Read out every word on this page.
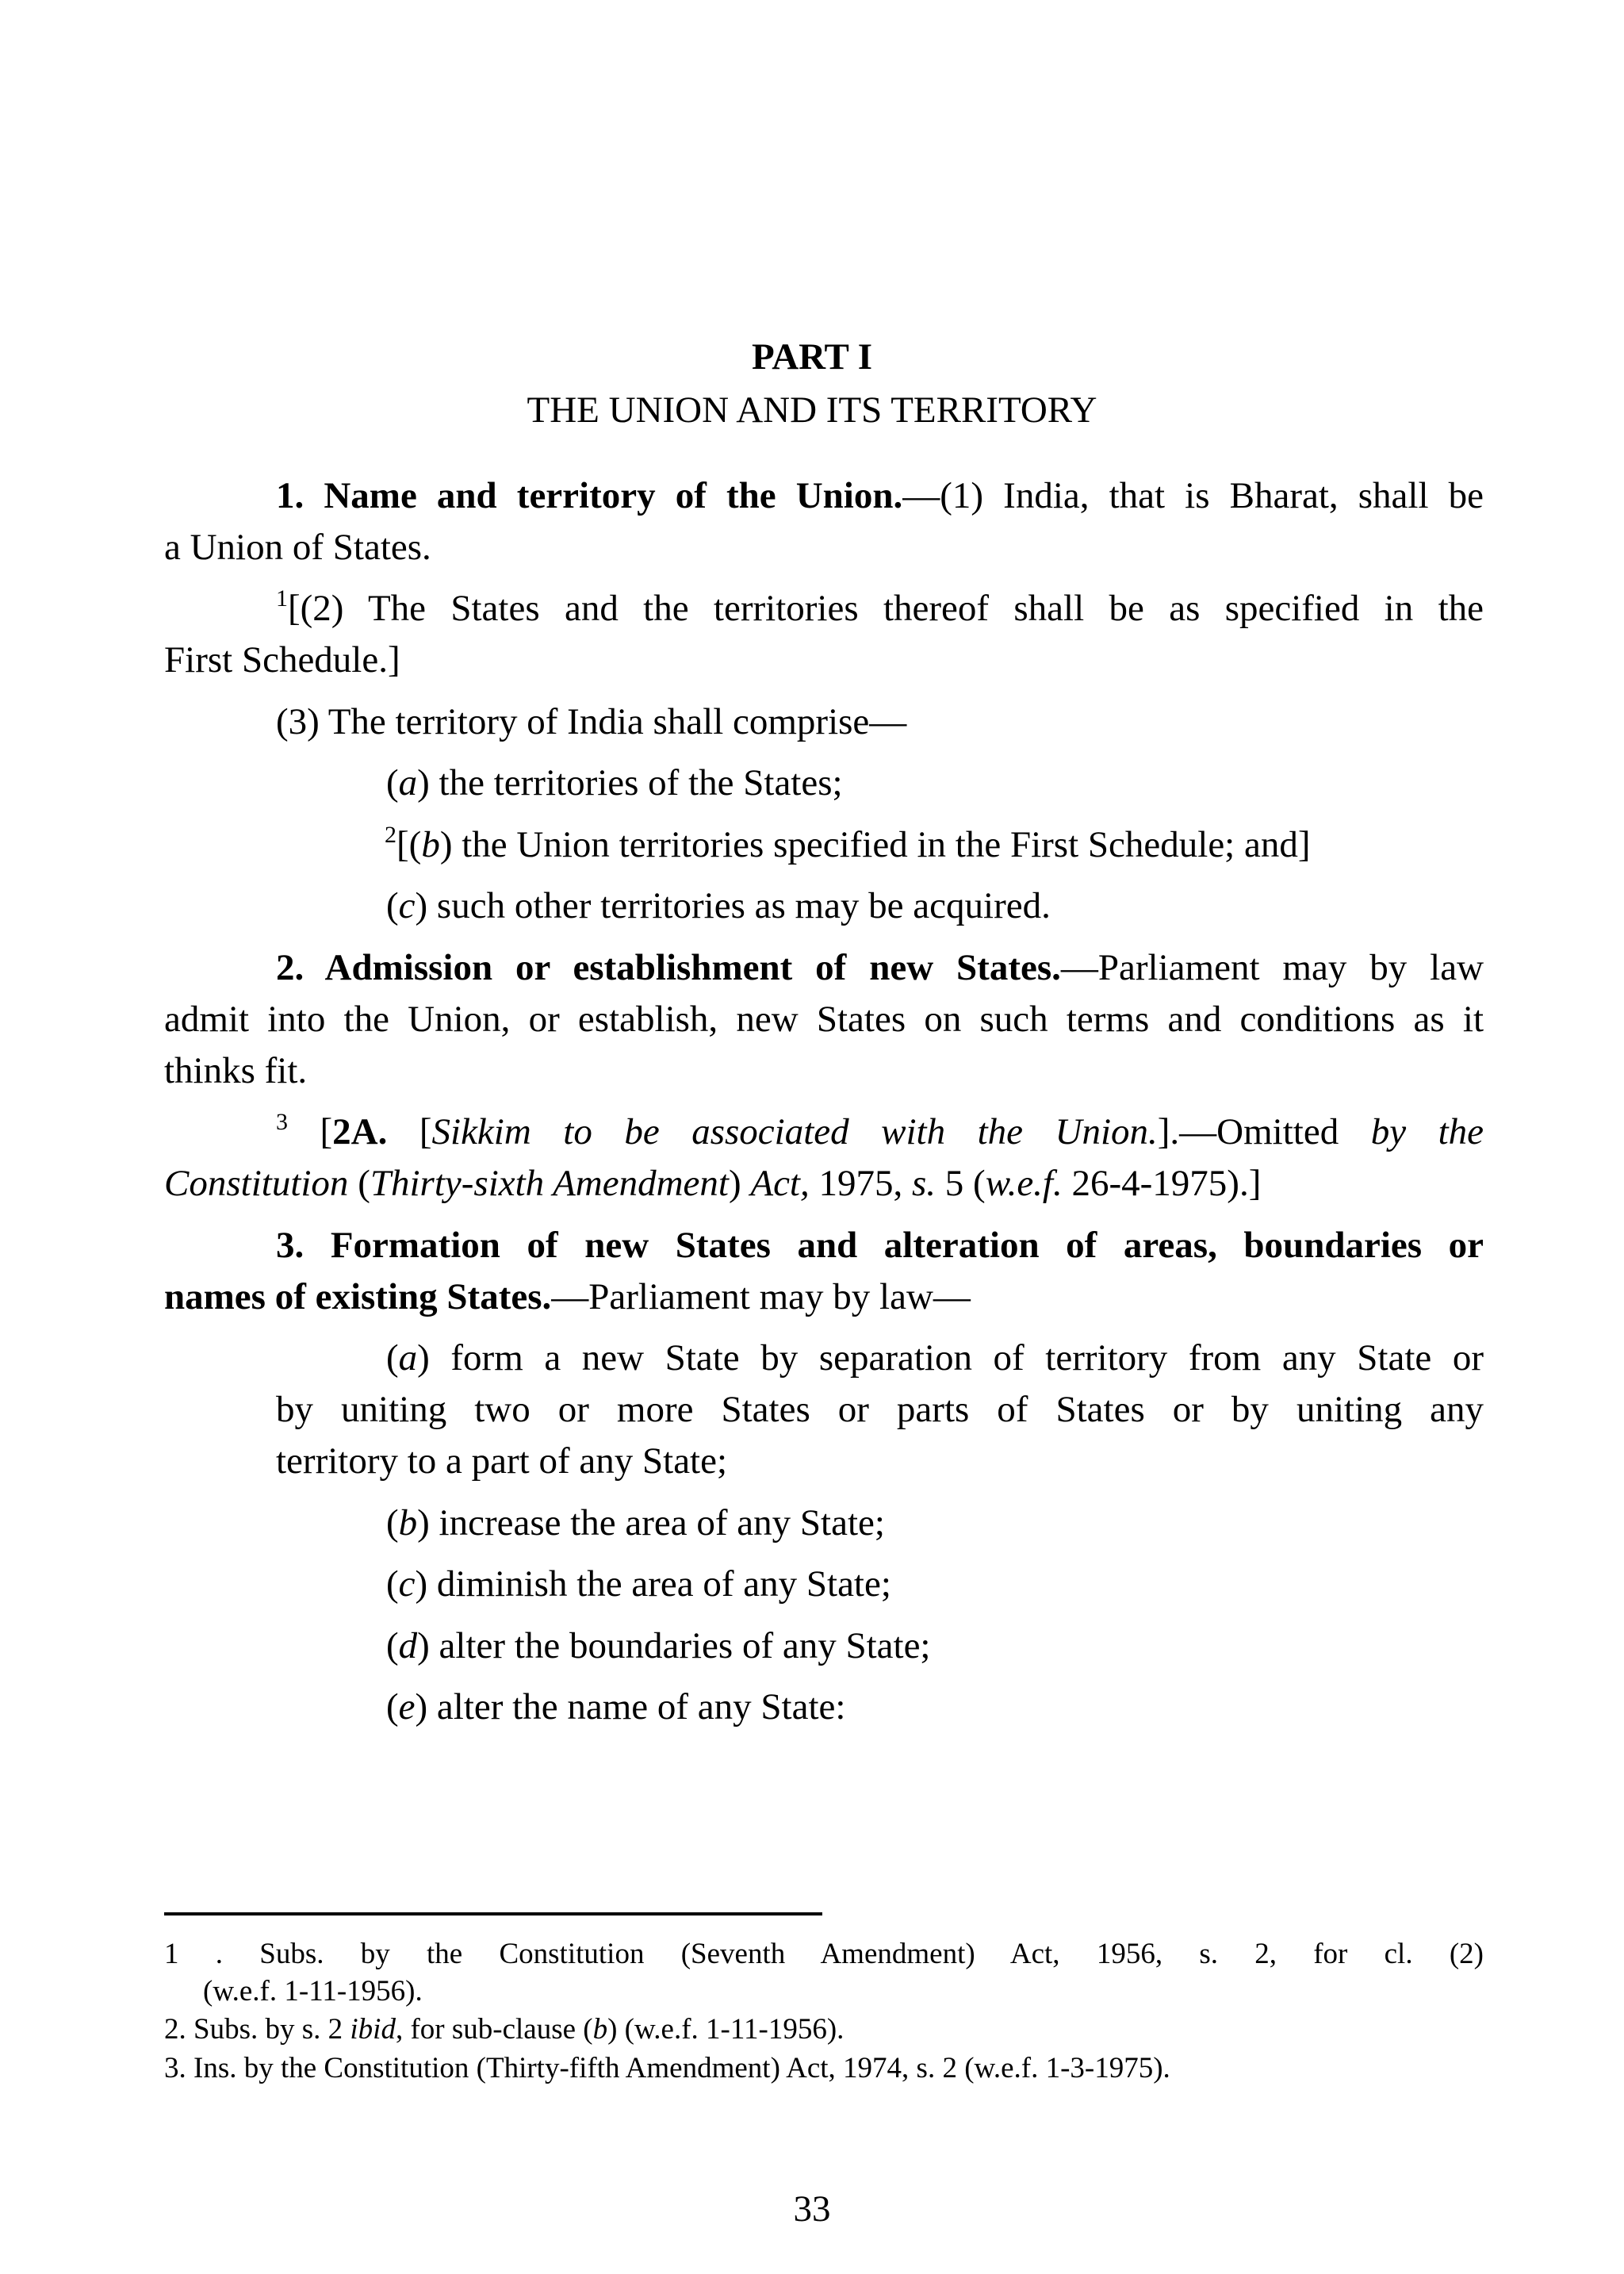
PART I

THE UNION AND ITS TERRITORY

1. Name and territory of the Union.—(1) India, that is Bharat, shall be

a Union of States.

$^1$[(2) The States and the territories thereof shall be as specified in the

First Schedule.]

(3) The territory of India shall comprise—

(a) the territories of the States;

$^2$[(b) the Union territories specified in the First Schedule; and]

(c) such other territories as may be acquired.

2. Admission or establishment of new States.—Parliament may by law

admit into the Union, or establish, new States on such terms and conditions as it

thinks fit.

$^3$ [2A. [Sikkim to be associated with the Union.].—Omitted by the

Constitution (Thirty-sixth Amendment) Act, 1975, s. 5 (w.e.f. 26-4-1975).]

3. Formation of new States and alteration of areas, boundaries or

names of existing States.—Parliament may by law—

(a) form a new State by separation of territory from any State or

by uniting two or more States or parts of States or by uniting any

territory to a part of any State;

(b) increase the area of any State;

(c) diminish the area of any State;

(d) alter the boundaries of any State;

(e) alter the name of any State:

1 . Subs. by the Constitution (Seventh Amendment) Act, 1956, s. 2, for cl. (2)

(w.e.f. 1-11-1956).

2. Subs. by s. 2 ibid, for sub-clause (b) (w.e.f. 1-11-1956).

3. Ins. by the Constitution (Thirty-fifth Amendment) Act, 1974, s. 2 (w.e.f. 1-3-1975).

33
